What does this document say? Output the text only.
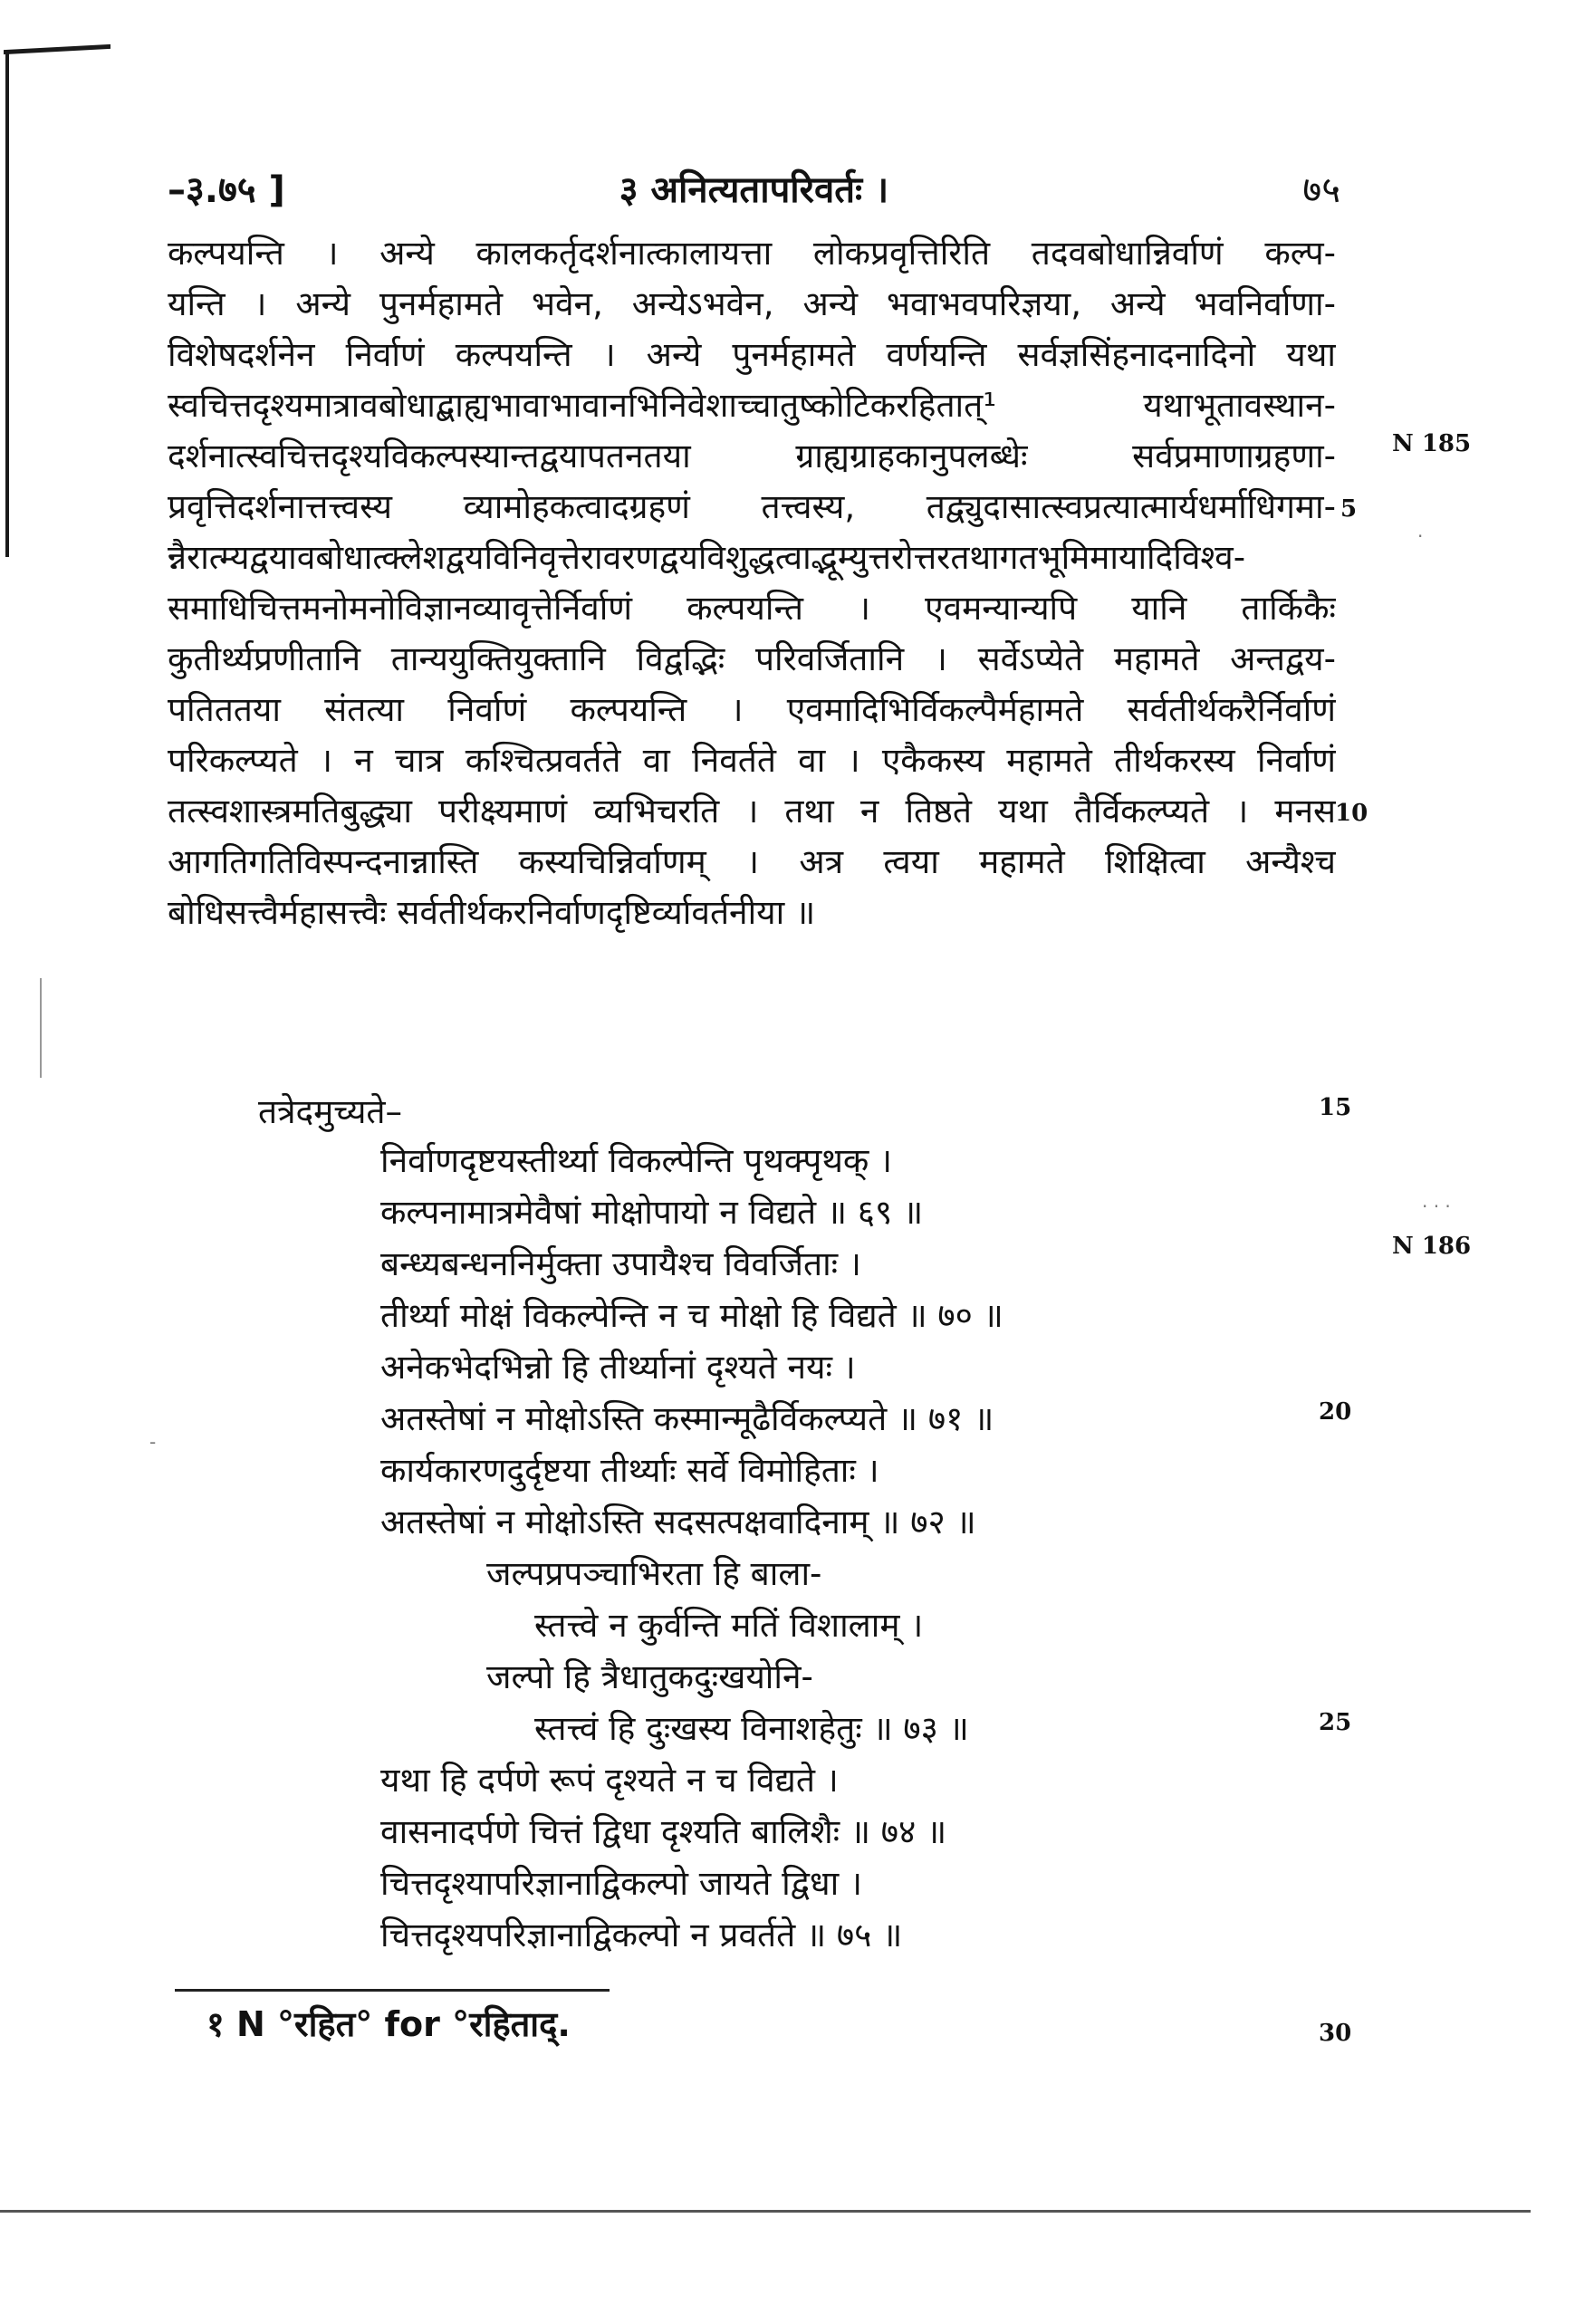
–३.७५ ]	३ अनित्यतापरिवर्तः ।	७५
कल्पयन्ति । अन्ये कालकर्तृदर्शनात्कालायत्ता लोकप्रवृत्तिरिति तदवबोधान्निर्वाणं कल्प-
यन्ति । अन्ये पुनर्महामते भवेन, अन्येऽभवेन, अन्ये भवाभवपरिज्ञया, अन्ये भवनिर्वाणा-
विशेषदर्शनेन निर्वाणं कल्पयन्ति । अन्ये पुनर्महामते वर्णयन्ति सर्वज्ञसिंहनादनादिनो यथा
स्वचित्तदृश्यमात्रावबोधाद्बाह्यभावाभावानभिनिवेशाच्चातुष्कोटिकरहितात्¹ यथाभूतावस्थान-
दर्शनात्स्वचित्तदृश्यविकल्पस्यान्तद्वयापतनतया ग्राह्यग्राहकानुपलब्धेः सर्वप्रमाणाग्रहणा-
प्रवृत्तिदर्शनात्तत्त्वस्य व्यामोहकत्वादग्रहणं तत्त्वस्य, तद्व्युदासात्स्वप्रत्यात्मार्यधर्माधिगमा-
न्नैरात्म्यद्वयावबोधात्क्लेशद्वयविनिवृत्तेरावरणद्वयविशुद्धत्वाद्भूम्युत्तरोत्तरतथागतभूमिमायादिविश्व-
समाधिचित्तमनोमनोविज्ञानव्यावृत्तेर्निर्वाणं कल्पयन्ति । एवमन्यान्यपि यानि तार्किकैः
कुतीर्थ्यप्रणीतानि तान्ययुक्तियुक्तानि विद्वद्भिः परिवर्जितानि । सर्वेऽप्येते महामते अन्तद्वय-
पतिततया संतत्या निर्वाणं कल्पयन्ति । एवमादिभिर्विकल्पैर्महामते सर्वतीर्थकरैर्निर्वाणं
परिकल्प्यते । न चात्र कश्चित्प्रवर्तते वा निवर्तते वा । एकैकस्य महामते तीर्थकरस्य निर्वाणं
तत्स्वशास्त्रमतिबुद्ध्या परीक्ष्यमाणं व्यभिचरति । तथा न तिष्ठते यथा तैर्विकल्प्यते । मनस
आगतिगतिविस्पन्दनान्नास्ति कस्यचिन्निर्वाणम् । अत्र त्वया महामते शिक्षित्वा अन्यैश्च
बोधिसत्त्वैर्महासत्त्वैः सर्वतीर्थकरनिर्वाणदृष्टिर्व्यावर्तनीया ॥
तत्रेदमुच्यते–
निर्वाणदृष्टयस्तीर्थ्या विकल्पेन्ति पृथक्पृथक् ।
कल्पनामात्रमेवैषां मोक्षोपायो न विद्यते ॥ ६९ ॥
बन्ध्यबन्धननिर्मुक्ता उपायैश्च विवर्जिताः ।
तीर्थ्या मोक्षं विकल्पेन्ति न च मोक्षो हि विद्यते ॥ ७० ॥
अनेकभेदभिन्नो हि तीर्थ्यानां दृश्यते नयः ।
अतस्तेषां न मोक्षोऽस्ति कस्मान्मूढैर्विकल्प्यते ॥ ७१ ॥
कार्यकारणदुर्दृष्टया तीर्थ्याः सर्वे विमोहिताः ।
अतस्तेषां न मोक्षोऽस्ति सदसत्पक्षवादिनाम् ॥ ७२ ॥
जल्पप्रपञ्चाभिरता हि बाला-
स्तत्त्वे न कुर्वन्ति मतिं विशालाम् ।
जल्पो हि त्रैधातुकदुःखयोनि-
स्तत्त्वं हि दुःखस्य विनाशहेतुः ॥ ७३ ॥
यथा हि दर्पणे रूपं दृश्यते न च विद्यते ।
वासनादर्पणे चित्तं द्विधा दृश्यति बालिशैः ॥ ७४ ॥
चित्तदृश्यापरिज्ञानाद्विकल्पो जायते द्विधा ।
चित्तदृश्यपरिज्ञानाद्विकल्पो न प्रवर्तते ॥ ७५ ॥
5
10
15
20
25
30
N 185
N 186
·
· · ·
-
१ N °रहित° for °रहिताद्.
